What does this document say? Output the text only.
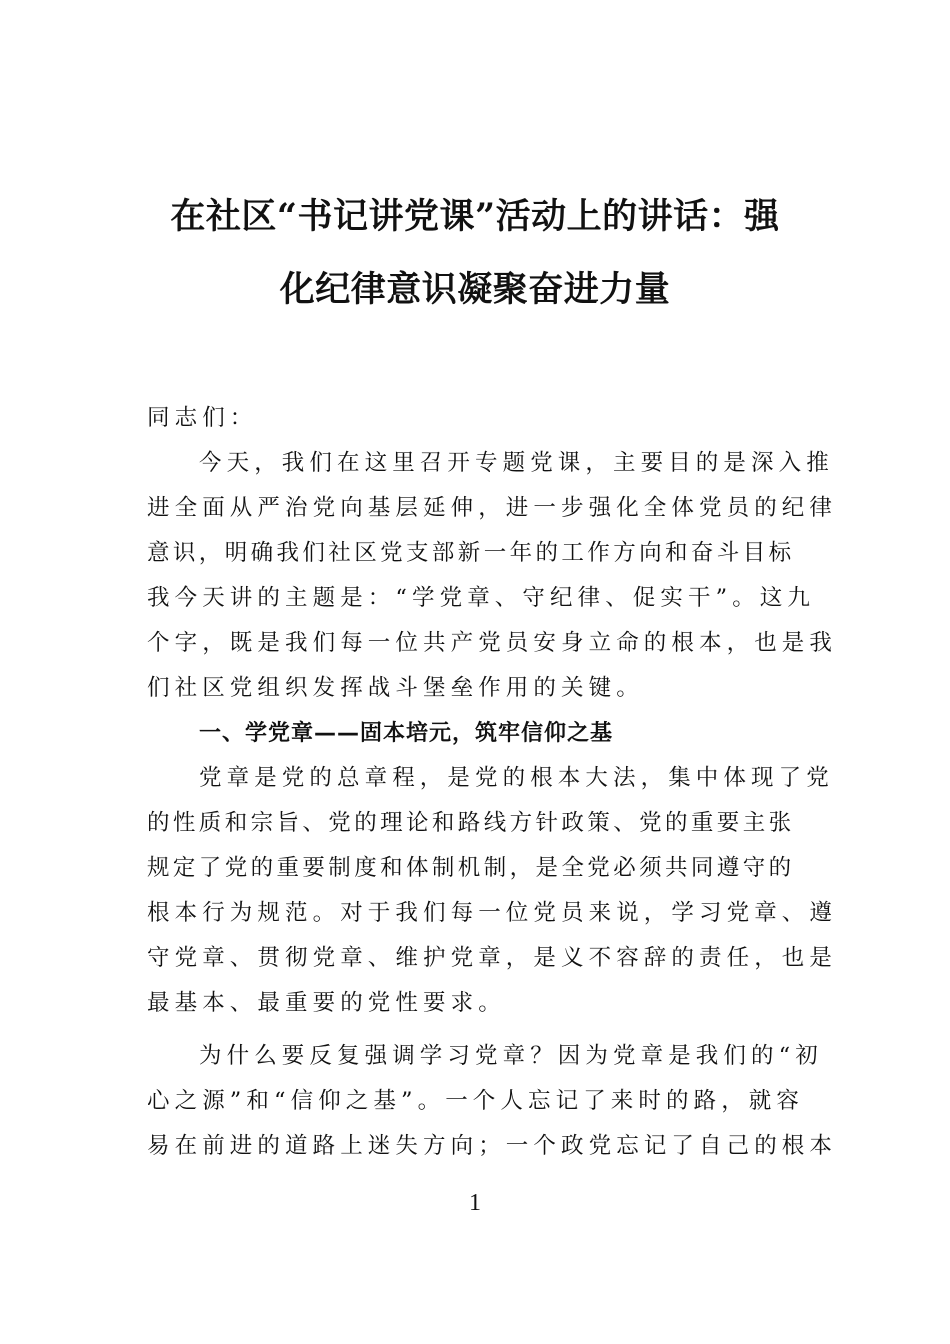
在社区“书记讲党课”活动上的讲话：强
化纪律意识凝聚奋进力量
同志们：
今天，我们在这里召开专题党课，主要目的是深入推
进全面从严治党向基层延伸，进一步强化全体党员的纪律
意识，明确我们社区党支部新一年的工作方向和奋斗目标
我今天讲的主题是：“学党章、守纪律、促实干”。这九
个字，既是我们每一位共产党员安身立命的根本，也是我
们社区党组织发挥战斗堡垒作用的关键。
一、学党章——固本培元，筑牢信仰之基
党章是党的总章程，是党的根本大法，集中体现了党
的性质和宗旨、党的理论和路线方针政策、党的重要主张
规定了党的重要制度和体制机制，是全党必须共同遵守的
根本行为规范。对于我们每一位党员来说，学习党章、遵
守党章、贯彻党章、维护党章，是义不容辞的责任，也是
最基本、最重要的党性要求。
为什么要反复强调学习党章？因为党章是我们的“初
心之源”和“信仰之基”。一个人忘记了来时的路，就容
易在前进的道路上迷失方向；一个政党忘记了自己的根本
1
